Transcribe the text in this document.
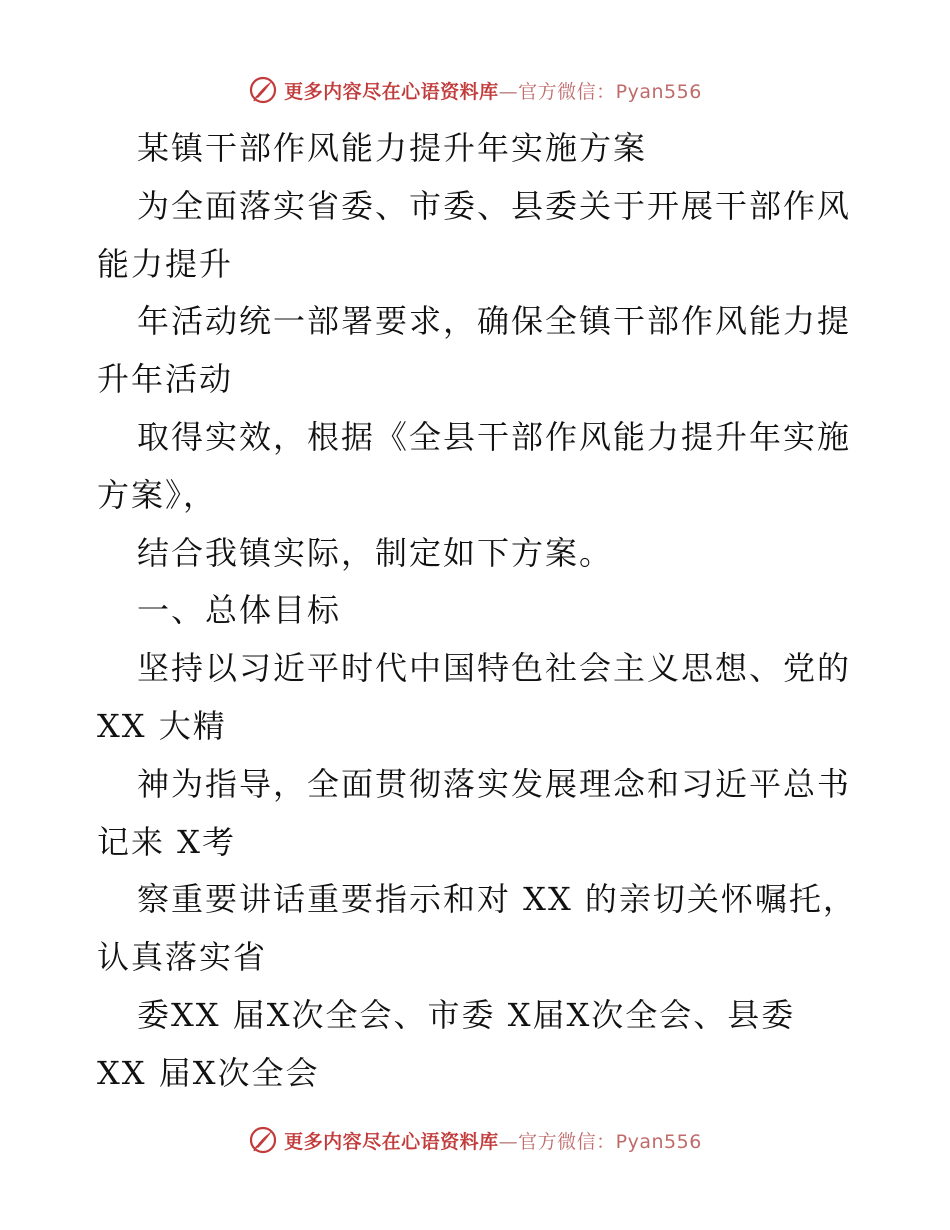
更多内容尽在心语资料库—官方微信：Pyan556
某镇干部作风能力提升年实施方案
为全面落实省委、市委、县委关于开展干部作风
能力提升
年活动统一部署要求，确保全镇干部作风能力提
升年活动
取得实效，根据《全县干部作风能力提升年实施
方案》，
结合我镇实际，制定如下方案。
一、总体目标
坚持以习近平时代中国特色社会主义思想、党的
XX 大精
神为指导，全面贯彻落实发展理念和习近平总书
记来 X考
察重要讲话重要指示和对 XX 的亲切关怀嘱托，
认真落实省
委XX 届X次全会、市委 X届X次全会、县委
XX 届X次全会
更多内容尽在心语资料库—官方微信：Pyan556
